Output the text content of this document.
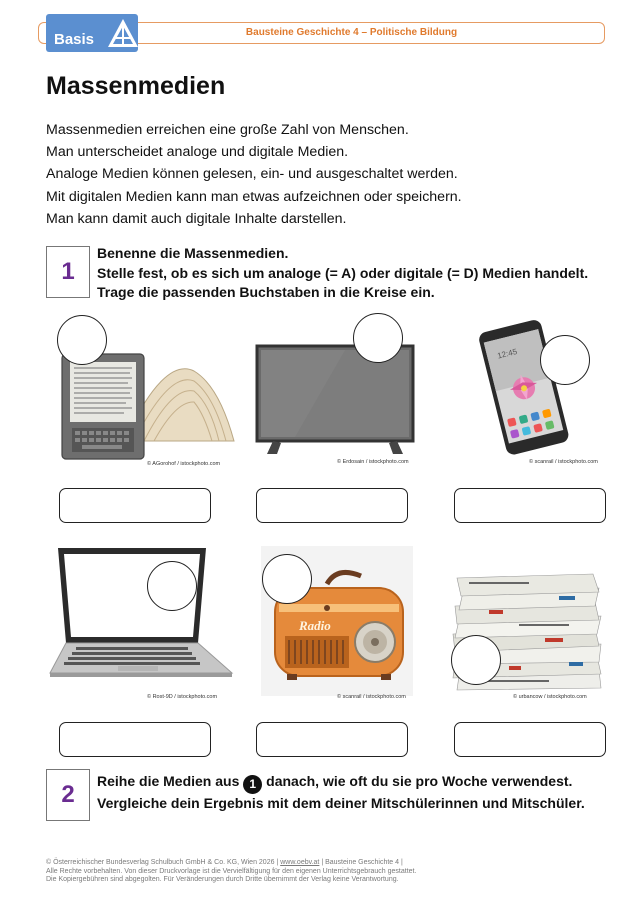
Bausteine Geschichte 4 – Politische Bildung
Basis
Massenmedien
Massenmedien erreichen eine große Zahl von Menschen.
Man unterscheidet analoge und digitale Medien.
Analoge Medien können gelesen, ein- und ausgeschaltet werden.
Mit digitalen Medien kann man etwas aufzeichnen oder speichern.
Man kann damit auch digitale Inhalte darstellen.
1
Benenne die Massenmedien.
Stelle fest, ob es sich um analoge (= A) oder digitale (= D) Medien handelt.
Trage die passenden Buchstaben in die Kreise ein.
© AGorohof / istockphoto.com	© Erdosain / istockphoto.com
12:45
© scanrail / istockphoto.com
© Rost-9D / istockphoto.com
Radio
© scanrail / istockphoto.com	© urbancow / istockphoto.com
2	Reihe die Medien aus 1 danach, wie oft du sie pro Woche verwendest.
Vergleiche dein Ergebnis mit dem deiner Mitschülerinnen und Mitschüler.
© Österreichischer Bundesverlag Schulbuch GmbH & Co. KG, Wien 2026 | www.oebv.at | Bausteine Geschichte 4 |
Alle Rechte vorbehalten. Von dieser Druckvorlage ist die Vervielfältigung für den eigenen Unterrichtsgebrauch gestattet.
Die Kopiergebühren sind abgegolten. Für Veränderungen durch Dritte übernimmt der Verlag keine Verantwortung.
